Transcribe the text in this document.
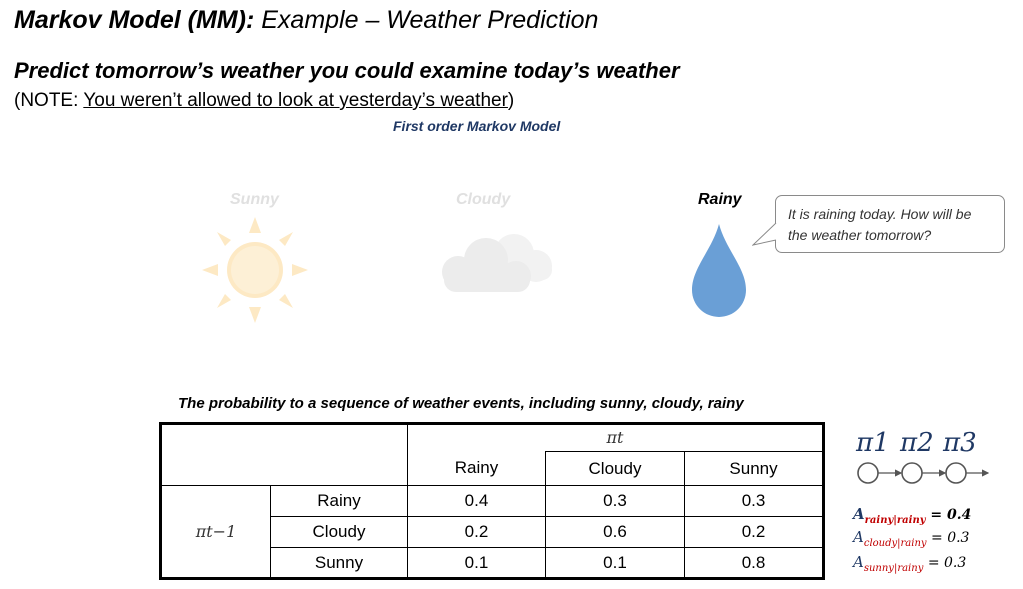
Markov Model (MM): Example – Weather Prediction
Predict tomorrow’s weather you could examine today’s weather
(NOTE: You weren’t allowed to look at yesterday’s weather)
First order Markov Model
Sunny	Cloudy	Rainy
It is raining today. How will be the weather tomorrow?
The probability to a sequence of weather events, including sunny, cloudy, rainy
		πt		
		Rainy	Cloudy	Sunny
πt−1	Rainy	0.4	0.3	0.3
	Cloudy	0.2	0.6	0.2
	Sunny	0.1	0.1	0.8
π1 π2 π3
$A_{rainy|rainy} = 0.4$
$A_{cloudy|rainy} = 0.3$
$A_{sunny|rainy} = 0.3$
